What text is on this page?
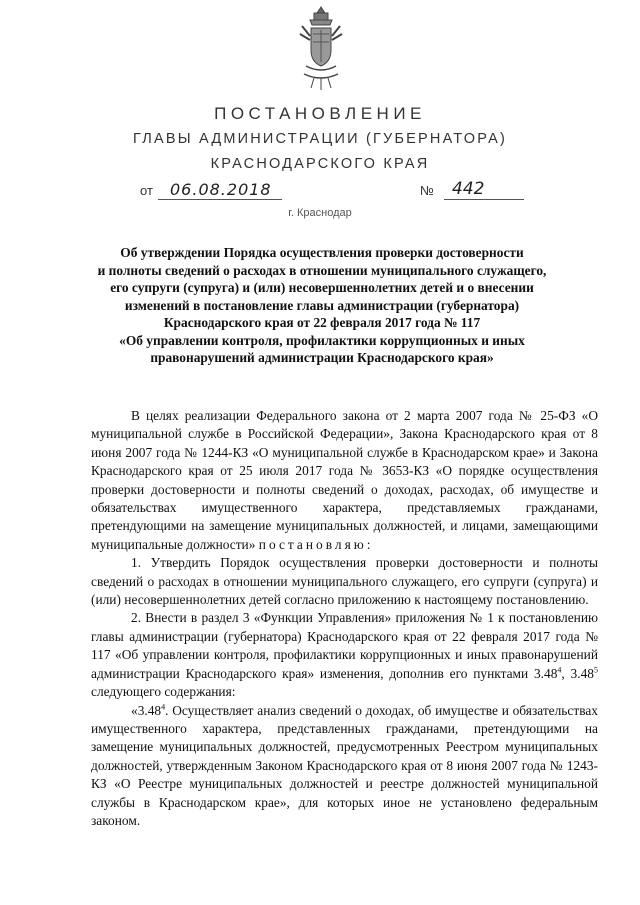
ПОСТАНОВЛЕНИЕ
ГЛАВЫ АДМИНИСТРАЦИИ (ГУБЕРНАТОРА)
КРАСНОДАРСКОГО КРАЯ
от 06.08.2018	№ 442
г. Краснодар
Об утверждении Порядка осуществления проверки достоверности
и полноты сведений о расходах в отношении муниципального служащего,
его супруги (супруга) и (или) несовершеннолетних детей и о внесении
изменений в постановление главы администрации (губернатора)
Краснодарского края от 22 февраля 2017 года № 117
«Об управлении контроля, профилактики коррупционных и иных
правонарушений администрации Краснодарского края»

В целях реализации Федерального закона от 2 марта 2007 года № 25-ФЗ «О муниципальной службе в Российской Федерации», Закона Краснодарского края от 8 июня 2007 года № 1244-КЗ «О муниципальной службе в Краснодарском крае» и Закона Краснодарского края от 25 июля 2017 года № 3653-КЗ «О порядке осуществления проверки достоверности и полноты сведений о доходах, расходах, об имуществе и обязательствах имущественного характера, представляемых гражданами, претендующими на замещение муниципальных должностей, и лицами, замещающими муниципальные должности» постановляю:

1. Утвердить Порядок осуществления проверки достоверности и полноты сведений о расходах в отношении муниципального служащего, его супруги (супруга) и (или) несовершеннолетних детей согласно приложению к настоящему постановлению.

2. Внести в раздел 3 «Функции Управления» приложения № 1 к постановлению главы администрации (губернатора) Краснодарского края от 22 февраля 2017 года № 117 «Об управлении контроля, профилактики коррупционных и иных правонарушений администрации Краснодарского края» изменения, дополнив его пунктами 3.48$^4$, 3.48$^5$ следующего содержания:

«3.48$^4$. Осуществляет анализ сведений о доходах, об имуществе и обязательствах имущественного характера, представленных гражданами, претендующими на замещение муниципальных должностей, предусмотренных Реестром муниципальных должностей, утвержденным Законом Краснодарского края от 8 июня 2007 года № 1243-КЗ «О Реестре муниципальных должностей и реестре должностей муниципальной службы в Краснодарском крае», для которых иное не установлено федеральным законом.
